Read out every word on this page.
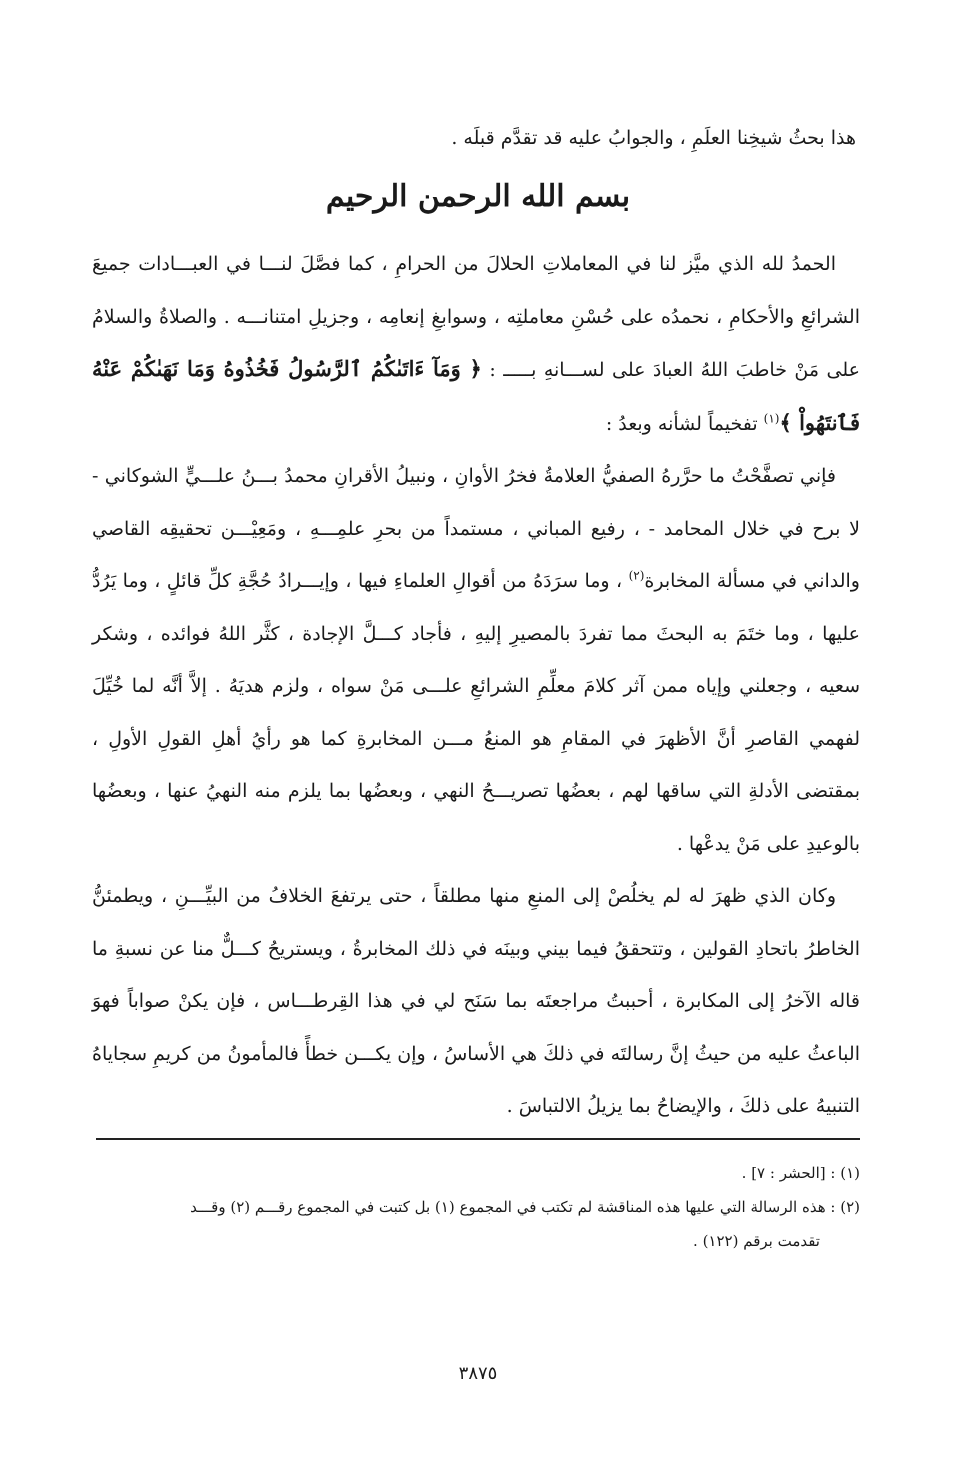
هذا بحثُ شيخِنا العلَمِ ، والجوابُ عليه قد تقدَّم قبلَه .
بسم الله الرحمن الرحيم

الحمدُ لله الذي ميَّز لنا في المعاملاتِ الحلالَ من الحرامِ ، كما فصَّلَ لنـــا في العبـــادات جميعَ الشرائعِ والأحكامِ ، نحمدُه على حُسْنِ معاملتِه ، وسوابغِ إنعامِه ، وجزيلِ امتنانـــه . والصلاةُ والسلامُ على مَنْ خاطبَ اللهُ العبادَ على لســـانهِ بـــــ : ﴿ وَمَآ ءَاتَىٰكُمُ ٱلرَّسُولُ فَخُذُوهُ وَمَا نَهَىٰكُمْ عَنْهُ فَٱنتَهُواْ ﴾$^{(١)}$ تفخيماً لشأنه وبعدُ :

فإني تصفَّحْتُ ما حرَّرهُ الصفيُّ العلامةُ فخرُ الأوانِ ، ونبيلُ الأقرانِ محمدُ بـــنُ علـــيٍّ الشوكاني - لا برح في خلال المحامد - ، رفيع المباني ، مستمداً من بحرِ علمِـــهِ ، ومَعِيْـــن تحقيقِه القاصي والداني في مسألة المخابرة$^{(٢)}$ ، وما سرَدَهُ من أقوالِ العلماءِ فيها ، وإيـــرادُ حُجَّةِ كلِّ قائلٍ ، وما يَرُدُّ عليها ، وما ختَمَ به البحثَ مما تفردَ بالمصيرِ إليهِ ، فأجاد كـــلَّ الإجادة ، كثَّر اللهُ فوائده ، وشكر سعيه ، وجعلني وإياه ممن آثر كلامَ معلِّمِ الشرائعِ علـــى مَنْ سواه ، ولزم هديَهُ . إلاَّ أنَّه لما خُيِّلَ لفهمي القاصرِ أنَّ الأظهرَ في المقامِ هو المنعُ مـــن المخابرةِ كما هو رأيُ أهلِ القولِ الأولِ ، بمقتضى الأدلةِ التي ساقها لهم ، بعضُها تصريـــحُ النهي ، وبعضُها بما يلزم منه النهيُ عنها ، وبعضُها بالوعيدِ على مَنْ يدعْها .

وكان الذي ظهرَ له لم يخلُصْ إلى المنعِ منها مطلقاً ، حتى يرتفعَ الخلافُ من البيِّـــنِ ، ويطمئنُّ الخاطرُ باتحادِ القولين ، وتتحققُ فيما بيني وبينَه في ذلك المخابرةُ ، ويستريحُ كـــلٌّ منا عن نسبةِ ما قاله الآخرُ إلى المكابرة ، أحببتُ مراجعتَه بما سَنَح لي في هذا القِرطـــاس ، فإن يكنْ صواباً فهوَ الباعثُ عليه من حيثُ إنَّ رسالتَه في ذلكَ هي الأساسُ ، وإن يكـــن خطأً فالمأمونُ من كريمِ سجاياهُ التنبيهُ على ذلكَ ، والإيضاحُ بما يزيلُ الالتباسَ .

(١) : [الحشر : ٧] .

(٢) : هذه الرسالة التي عليها هذه المناقشة لم تكتب في المجموع (١) بل كتبت في المجموع رقـــم (٢) وقـــد

تقدمت برقم (١٢٢) .

٣٨٧٥
